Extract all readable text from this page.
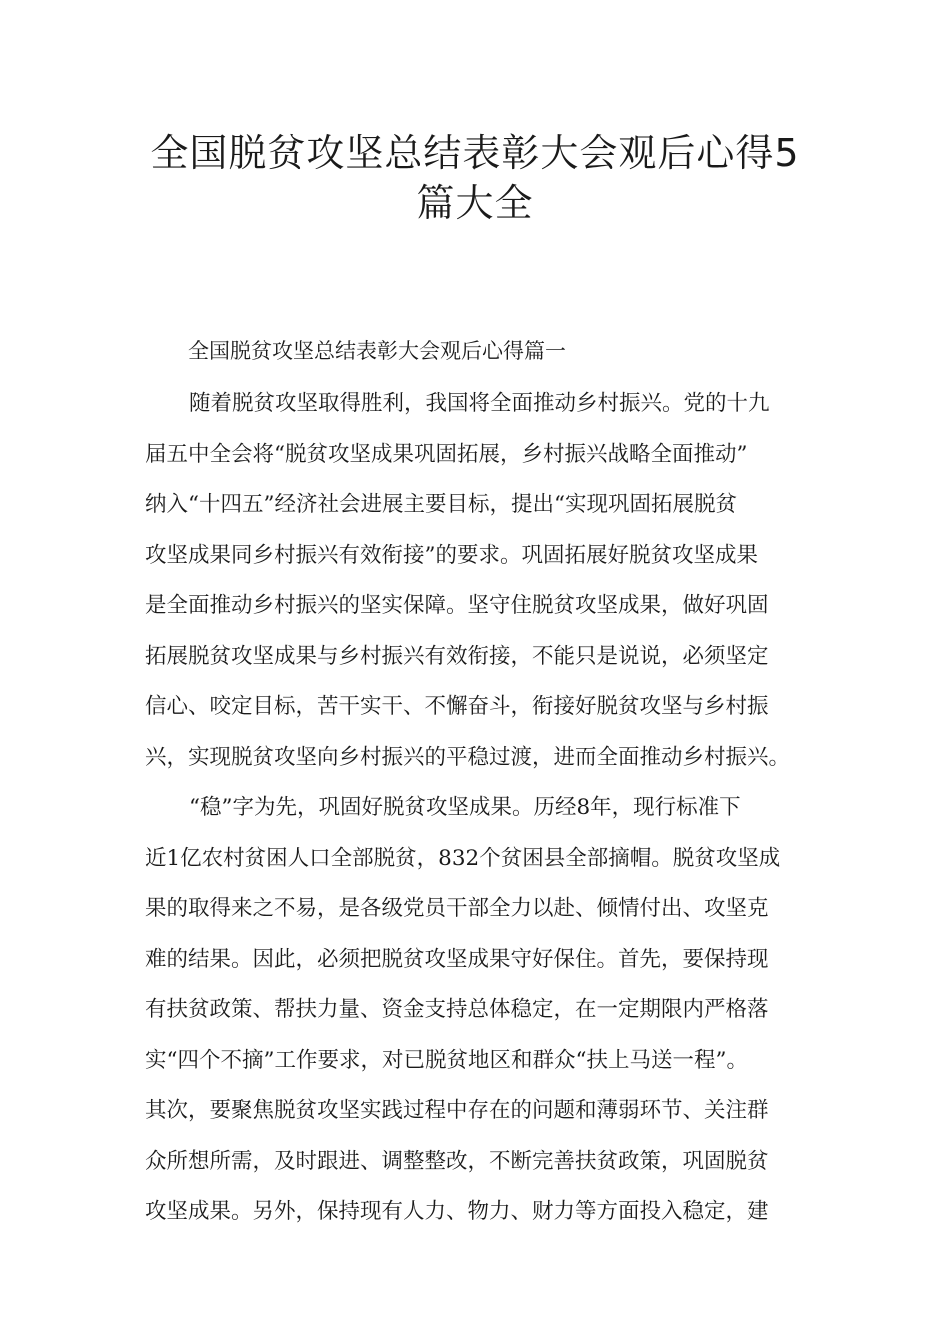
全国脱贫攻坚总结表彰大会观后心得5篇大全

全国脱贫攻坚总结表彰大会观后心得篇一

随着脱贫攻坚取得胜利，我国将全面推动乡村振兴。党的十九

届五中全会将“脱贫攻坚成果巩固拓展，乡村振兴战略全面推动”

纳入“十四五”经济社会进展主要目标，提出“实现巩固拓展脱贫

攻坚成果同乡村振兴有效衔接”的要求。巩固拓展好脱贫攻坚成果

是全面推动乡村振兴的坚实保障。坚守住脱贫攻坚成果，做好巩固

拓展脱贫攻坚成果与乡村振兴有效衔接，不能只是说说，必须坚定

信心、咬定目标，苦干实干、不懈奋斗，衔接好脱贫攻坚与乡村振

兴，实现脱贫攻坚向乡村振兴的平稳过渡，进而全面推动乡村振兴。

“稳”字为先，巩固好脱贫攻坚成果。历经8年，现行标准下

近1亿农村贫困人口全部脱贫，832个贫困县全部摘帽。脱贫攻坚成

果的取得来之不易，是各级党员干部全力以赴、倾情付出、攻坚克

难的结果。因此，必须把脱贫攻坚成果守好保住。首先，要保持现

有扶贫政策、帮扶力量、资金支持总体稳定，在一定期限内严格落

实“四个不摘”工作要求，对已脱贫地区和群众“扶上马送一程”。

其次，要聚焦脱贫攻坚实践过程中存在的问题和薄弱环节、关注群

众所想所需，及时跟进、调整整改，不断完善扶贫政策，巩固脱贫

攻坚成果。另外，保持现有人力、物力、财力等方面投入稳定，建
